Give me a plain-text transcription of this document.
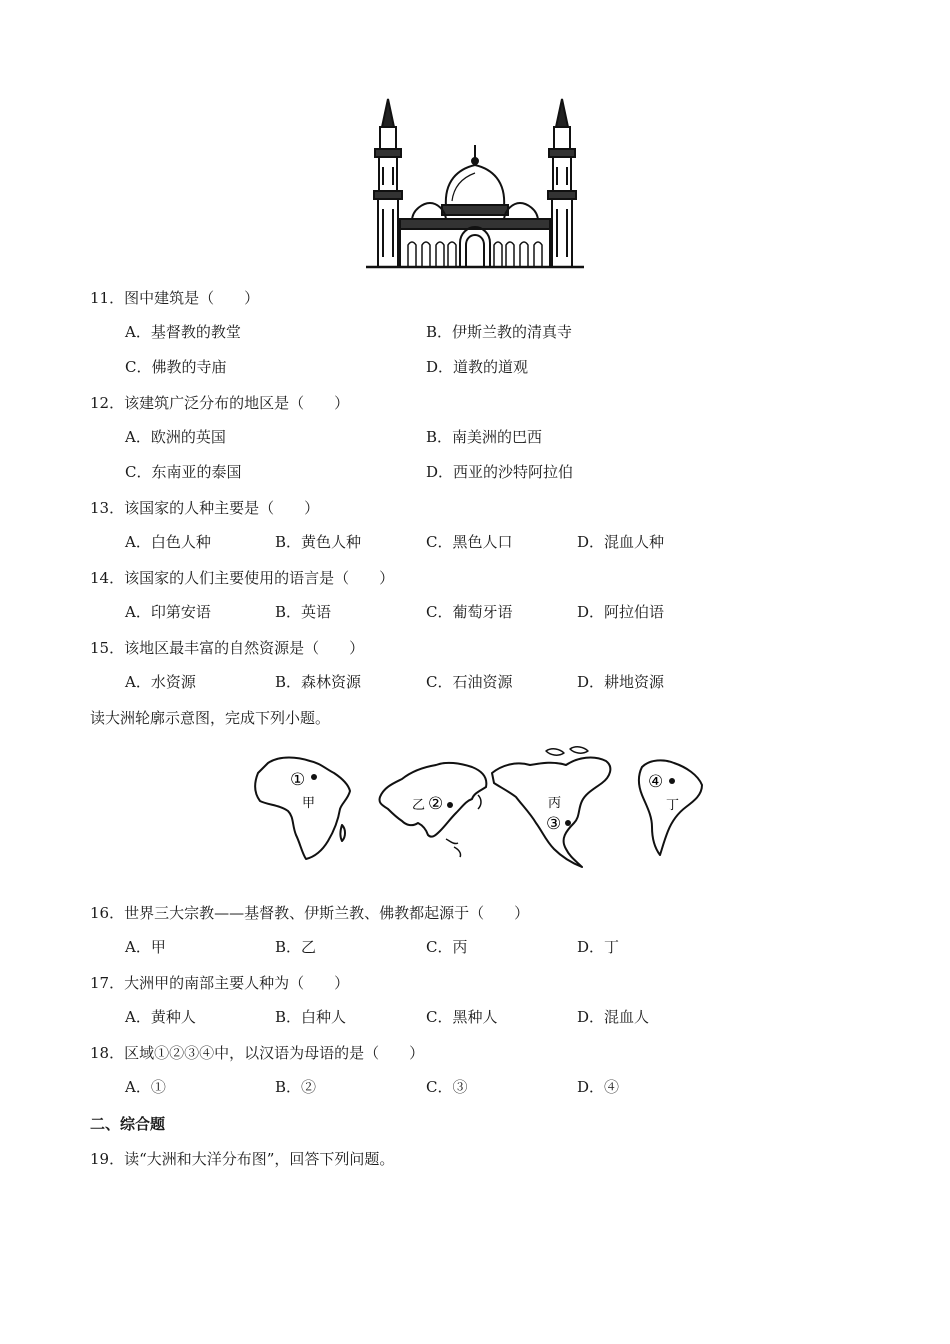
11．图中建筑是（　　）
A．基督教的教堂	B．伊斯兰教的清真寺
C．佛教的寺庙	D．道教的道观
12．该建筑广泛分布的地区是（　　）
A．欧洲的英国	B．南美洲的巴西
C．东南亚的泰国	D．西亚的沙特阿拉伯
13．该国家的人种主要是（　　）
A．白色人种	B．黄色人种	C．黑色人口	D．混血人种
14．该国家的人们主要使用的语言是（　　）
A．印第安语	B．英语	C．葡萄牙语	D．阿拉伯语
15．该地区最丰富的自然资源是（　　）
A．水资源	B．森林资源	C．石油资源	D．耕地资源
读大洲轮廓示意图，完成下列小题。
①
甲	乙 ②	丙
③
④
丁
16．世界三大宗教——基督教、伊斯兰教、佛教都起源于（　　）
A．甲	B．乙	C．丙	D．丁
17．大洲甲的南部主要人种为（　　）
A．黄种人	B．白种人	C．黑种人	D．混血人
18．区域①②③④中，以汉语为母语的是（　　）
A．①	B．②	C．③	D．④
二、综合题
19．读“大洲和大洋分布图”，回答下列问题。
